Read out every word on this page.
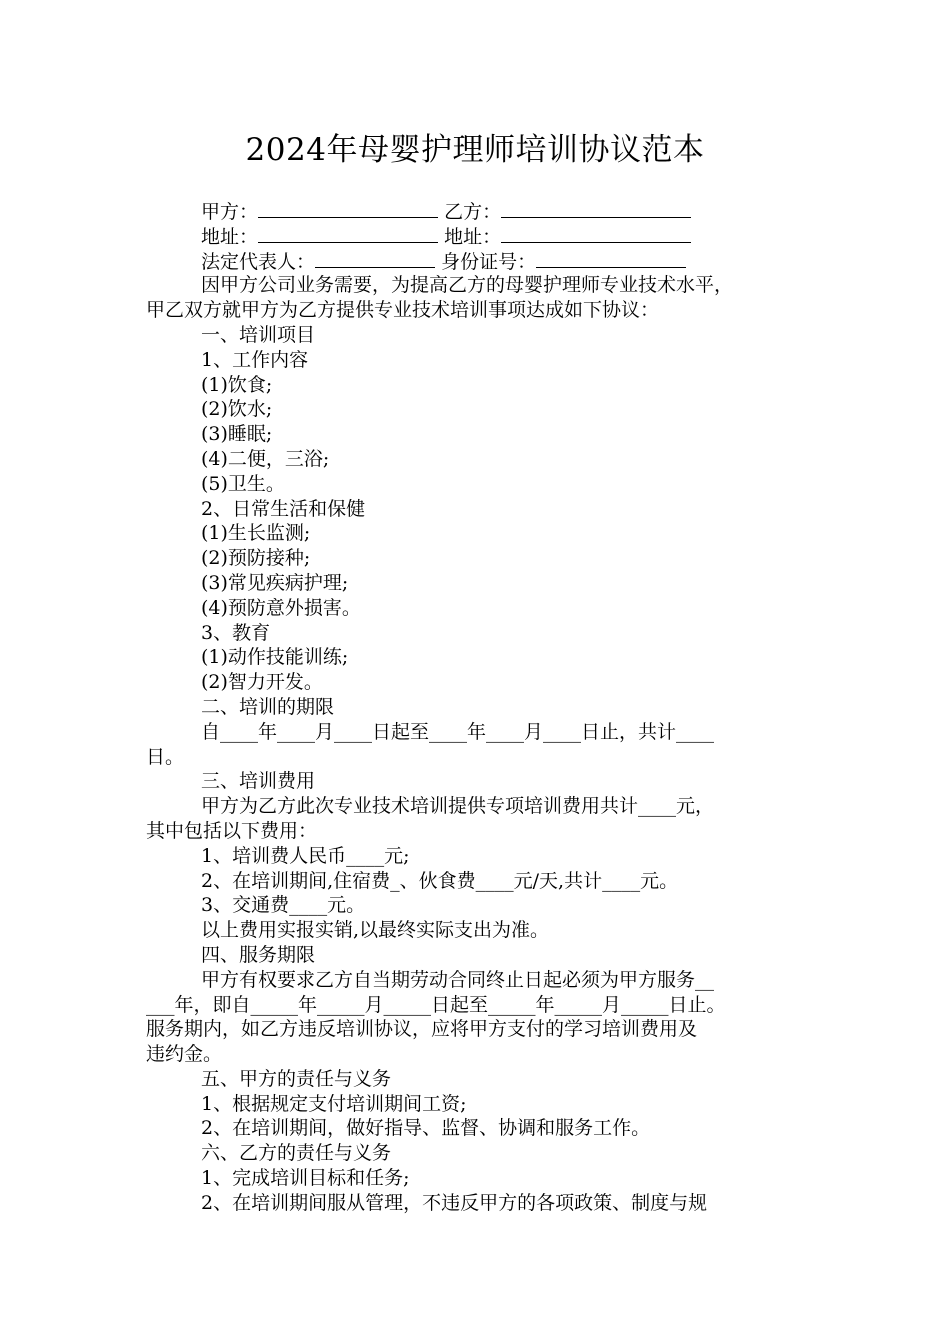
2024年母婴护理师培训协议范本
甲方：	乙方：
地址：	地址：
法定代表人：	身份证号：
因甲方公司业务需要，为提高乙方的母婴护理师专业技术水平，
甲乙双方就甲方为乙方提供专业技术培训事项达成如下协议：
一、培训项目
1、工作内容
(1)饮食;
(2)饮水;
(3)睡眠;
(4)二便，三浴;
(5)卫生。
2、日常生活和保健
(1)生长监测;
(2)预防接种;
(3)常见疾病护理;
(4)预防意外损害。
3、教育
(1)动作技能训练;
(2)智力开发。
二、培训的期限
自____年____月____日起至____年____月____日止，共计____
日。
三、培训费用
甲方为乙方此次专业技术培训提供专项培训费用共计____元，
其中包括以下费用：
1、培训费人民币____元;
2、在培训期间,住宿费_、伙食费____元/天,共计____元。
3、交通费____元。
以上费用实报实销,以最终实际支出为准。
四、服务期限
甲方有权要求乙方自当期劳动合同终止日起必须为甲方服务__
___年，即自_____年_____月_____日起至_____年_____月_____日止。
服务期内，如乙方违反培训协议，应将甲方支付的学习培训费用及
违约金。
五、甲方的责任与义务
1、根据规定支付培训期间工资;
2、在培训期间，做好指导、监督、协调和服务工作。
六、乙方的责任与义务
1、完成培训目标和任务;
2、在培训期间服从管理，不违反甲方的各项政策、制度与规
